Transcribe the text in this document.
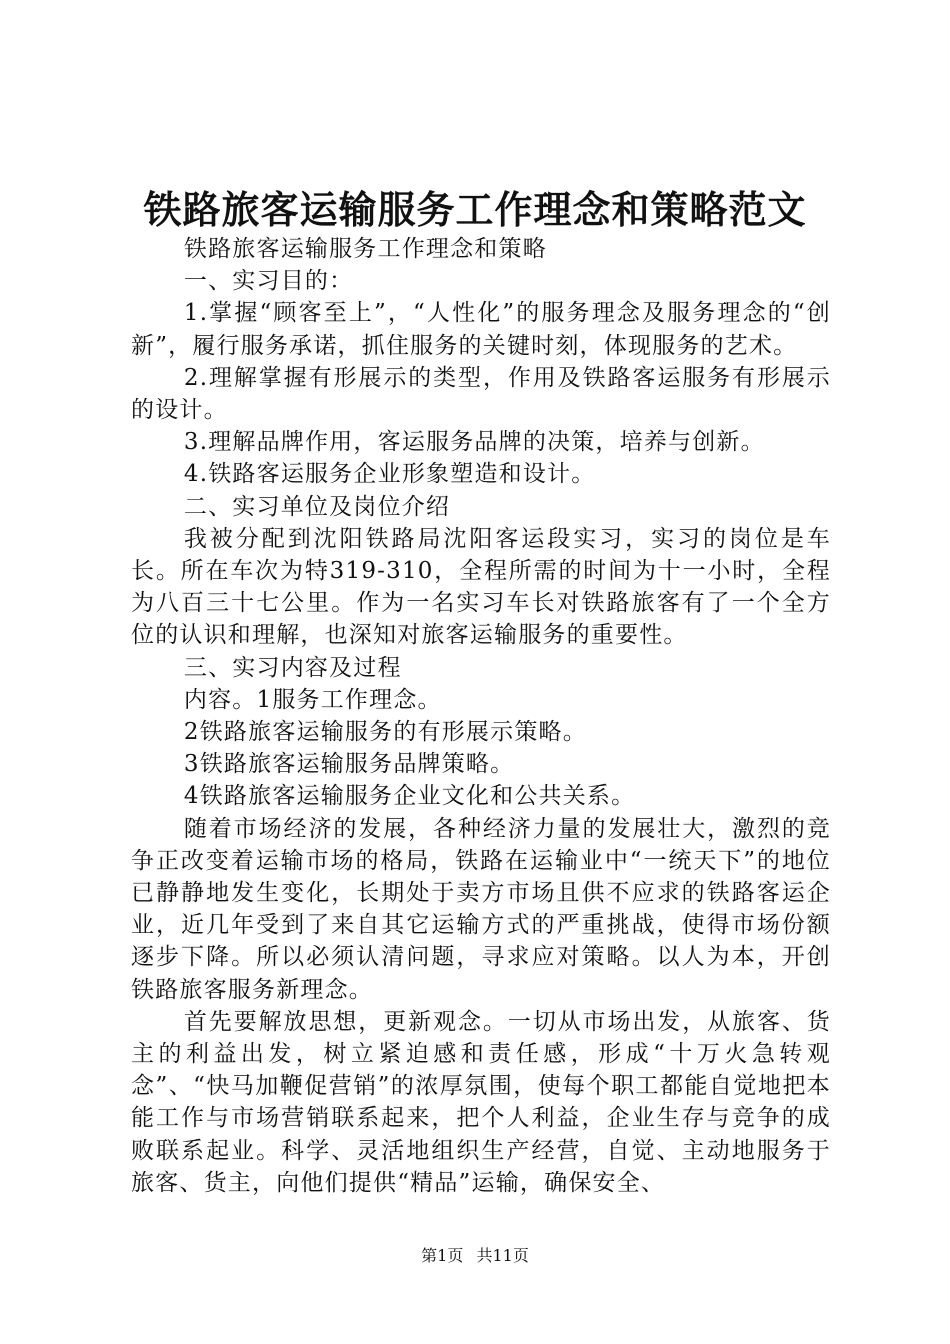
铁路旅客运输服务工作理念和策略范文

铁路旅客运输服务工作理念和策略

一、实习目的：

1.掌握“顾客至上”，“人性化”的服务理念及服务理念的“创新”，履行服务承诺，抓住服务的关键时刻，体现服务的艺术。

2.理解掌握有形展示的类型，作用及铁路客运服务有形展示的设计。

3.理解品牌作用，客运服务品牌的决策，培养与创新。

4.铁路客运服务企业形象塑造和设计。

二、实习单位及岗位介绍

我被分配到沈阳铁路局沈阳客运段实习，实习的岗位是车长。所在车次为特319-310，全程所需的时间为十一小时，全程为八百三十七公里。作为一名实习车长对铁路旅客有了一个全方位的认识和理解，也深知对旅客运输服务的重要性。

三、实习内容及过程

内容。1服务工作理念。

2铁路旅客运输服务的有形展示策略。

3铁路旅客运输服务品牌策略。

4铁路旅客运输服务企业文化和公共关系。

随着市场经济的发展，各种经济力量的发展壮大，激烈的竞争正改变着运输市场的格局，铁路在运输业中“一统天下”的地位已静静地发生变化，长期处于卖方市场且供不应求的铁路客运企业，近几年受到了来自其它运输方式的严重挑战，使得市场份额逐步下降。所以必须认清问题，寻求应对策略。以人为本，开创铁路旅客服务新理念。

首先要解放思想，更新观念。一切从市场出发，从旅客、货主的利益出发，树立紧迫感和责任感，形成“十万火急转观念”、“快马加鞭促营销”的浓厚氛围，使每个职工都能自觉地把本能工作与市场营销联系起来，把个人利益，企业生存与竞争的成败联系起业。科学、灵活地组织生产经营，自觉、主动地服务于旅客、货主，向他们提供“精品”运输，确保安全、

第1页 共11页
